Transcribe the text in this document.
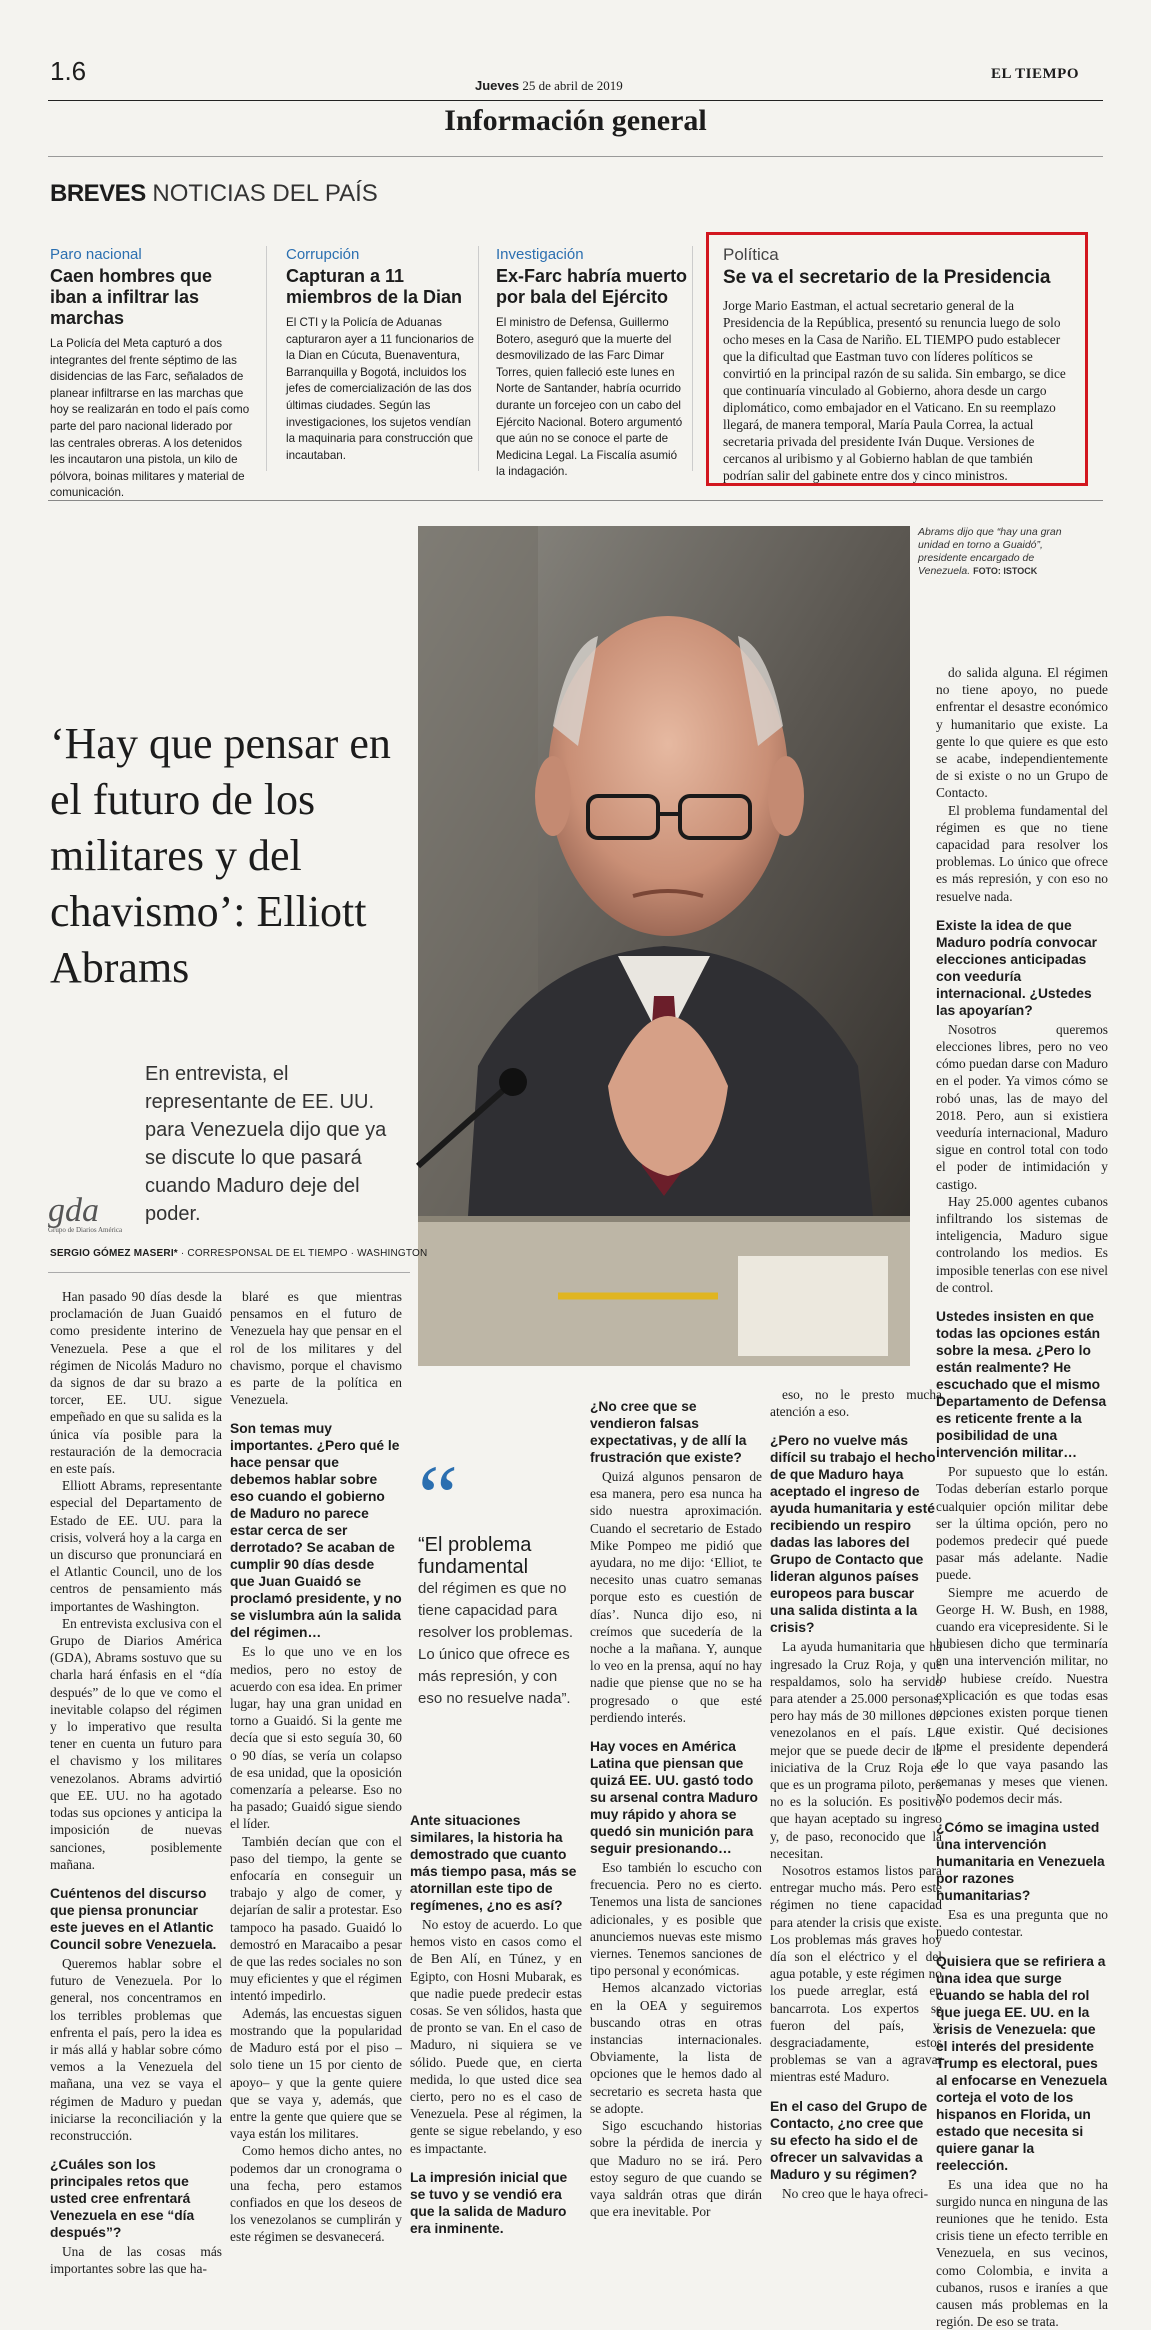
1.6	Jueves 25 de abril de 2019
EL TIEMPO
Información general
BREVES NOTICIAS DEL PAÍS
Paro nacional
Caen hombres que iban a infiltrar las marchas
La Policía del Meta capturó a dos integrantes del frente séptimo de las disidencias de las Farc, señalados de planear infiltrarse en las marchas que hoy se realizarán en todo el país como parte del paro nacional liderado por las centrales obreras. A los detenidos les incautaron una pistola, un kilo de pólvora, boinas militares y material de comunicación.
Corrupción
Capturan a 11 miembros de la Dian
El CTI y la Policía de Aduanas capturaron ayer a 11 funcionarios de la Dian en Cúcuta, Buenaventura, Barranquilla y Bogotá, incluidos los jefes de comercialización de las dos últimas ciudades. Según las investigaciones, los sujetos vendían la maquinaria para construcción que incautaban.
Investigación
Ex-Farc habría muerto por bala del Ejército
El ministro de Defensa, Guillermo Botero, aseguró que la muerte del desmovilizado de las Farc Dimar Torres, quien falleció este lunes en Norte de Santander, habría ocurrido durante un forcejeo con un cabo del Ejército Nacional. Botero argumentó que aún no se conoce el parte de Medicina Legal. La Fiscalía asumió la indagación.
Política
Se va el secretario de la Presidencia
Jorge Mario Eastman, el actual secretario general de la Presidencia de la República, presentó su renuncia luego de solo ocho meses en la Casa de Nariño. EL TIEMPO pudo establecer que la dificultad que Eastman tuvo con líderes políticos se convirtió en la principal razón de su salida. Sin embargo, se dice que continuaría vinculado al Gobierno, ahora desde un cargo diplomático, como embajador en el Vaticano. En su reemplazo llegará, de manera temporal, María Paula Correa, la actual secretaria privada del presidente Iván Duque. Versiones de cercanos al uribismo y al Gobierno hablan de que también podrían salir del gabinete entre dos y cinco ministros.
Abrams dijo que “hay una gran unidad en torno a Guaidó”, presidente encargado de Venezuela. FOTO: ISTOCK
‘Hay que pensar en el futuro de los militares y del chavismo’: Elliott Abrams
En entrevista, el representante de EE. UU. para Venezuela dijo que ya se discute lo que pasará cuando Maduro deje del poder.
gda
Grupo de Diarios América
SERGIO GÓMEZ MASERI* · CORRESPONSAL DE EL TIEMPO · WASHINGTON

Han pasado 90 días desde la proclamación de Juan Guaidó como presidente interino de Venezuela. Pese a que el régimen de Nicolás Maduro no da signos de dar su brazo a torcer, EE. UU. sigue empeñado en que su salida es la única vía posible para la restauración de la democracia en este país.

Elliott Abrams, representante especial del Departamento de Estado de EE. UU. para la crisis, volverá hoy a la carga en un discurso que pronunciará en el Atlantic Council, uno de los centros de pensamiento más importantes de Washington.

En entrevista exclusiva con el Grupo de Diarios América (GDA), Abrams sostuvo que su charla hará énfasis en el “día después” de lo que ve como el inevitable colapso del régimen y lo imperativo que resulta tener en cuenta un futuro para el chavismo y los militares venezolanos. Abrams advirtió que EE. UU. no ha agotado todas sus opciones y anticipa la imposición de nuevas sanciones, posiblemente mañana.

Cuéntenos del discurso que piensa pronunciar este jueves en el Atlantic Council sobre Venezuela.

Queremos hablar sobre el futuro de Venezuela. Por lo general, nos concentramos en los terribles problemas que enfrenta el país, pero la idea es ir más allá y hablar sobre cómo vemos a la Venezuela del mañana, una vez se vaya el régimen de Maduro y puedan iniciarse la reconciliación y la reconstrucción.

¿Cuáles son los principales retos que usted cree enfrentará Venezuela en ese “día después”?

Una de las cosas más importantes sobre las que ha-

blaré es que mientras pensamos en el futuro de Venezuela hay que pensar en el rol de los militares y del chavismo, porque el chavismo es parte de la política en Venezuela.

Son temas muy importantes. ¿Pero qué le hace pensar que debemos hablar sobre eso cuando el gobierno de Maduro no parece estar cerca de ser derrotado? Se acaban de cumplir 90 días desde que Juan Guaidó se proclamó presidente, y no se vislumbra aún la salida del régimen…

Es lo que uno ve en los medios, pero no estoy de acuerdo con esa idea. En primer lugar, hay una gran unidad en torno a Guaidó. Si la gente me decía que si esto seguía 30, 60 o 90 días, se vería un colapso de esa unidad, que la oposición comenzaría a pelearse. Eso no ha pasado; Guaidó sigue siendo el líder.

También decían que con el paso del tiempo, la gente se enfocaría en conseguir un trabajo y algo de comer, y dejarían de salir a protestar. Eso tampoco ha pasado. Guaidó lo demostró en Maracaibo a pesar de que las redes sociales no son muy eficientes y que el régimen intentó impedirlo.

Además, las encuestas siguen mostrando que la popularidad de Maduro está por el piso –solo tiene un 15 por ciento de apoyo– y que la gente quiere que se vaya y, además, que entre la gente que quiere que se vaya están los militares.

Como hemos dicho antes, no podemos dar un cronograma o una fecha, pero estamos confiados en que los deseos de los venezolanos se cumplirán y este régimen se desvanecerá.

“
“El problema fundamental
del régimen es que no tiene capacidad para resolver los problemas. Lo único que ofrece es más represión, y con eso no resuelve nada”.

Ante situaciones similares, la historia ha demostrado que cuanto más tiempo pasa, más se atornillan este tipo de regímenes, ¿no es así?

No estoy de acuerdo. Lo que hemos visto en casos como el de Ben Alí, en Túnez, y en Egipto, con Hosni Mubarak, es que nadie puede predecir estas cosas. Se ven sólidos, hasta que de pronto se van. En el caso de Maduro, ni siquiera se ve sólido. Puede que, en cierta medida, lo que usted dice sea cierto, pero no es el caso de Venezuela. Pese al régimen, la gente se sigue rebelando, y eso es impactante.

La impresión inicial que se tuvo y se vendió era que la salida de Maduro era inminente.

¿No cree que se vendieron falsas expectativas, y de allí la frustración que existe?

Quizá algunos pensaron de esa manera, pero esa nunca ha sido nuestra aproximación. Cuando el secretario de Estado Mike Pompeo me pidió que ayudara, no me dijo: ‘Elliot, te necesito unas cuatro semanas porque esto es cuestión de días’. Nunca dijo eso, ni creímos que sucedería de la noche a la mañana. Y, aunque lo veo en la prensa, aquí no hay nadie que piense que no se ha progresado o que esté perdiendo interés.

Hay voces en América Latina que piensan que quizá EE. UU. gastó todo su arsenal contra Maduro muy rápido y ahora se quedó sin munición para seguir presionando…

Eso también lo escucho con frecuencia. Pero no es cierto. Tenemos una lista de sanciones adicionales, y es posible que anunciemos nuevas este mismo viernes. Tenemos sanciones de tipo personal y económicas.

Hemos alcanzado victorias en la OEA y seguiremos buscando otras en otras instancias internacionales. Obviamente, la lista de opciones que le hemos dado al secretario es secreta hasta que se adopte.

Sigo escuchando historias sobre la pérdida de inercia y que Maduro no se irá. Pero estoy seguro de que cuando se vaya saldrán otras que dirán que era inevitable. Por

eso, no le presto mucha atención a eso.

¿Pero no vuelve más difícil su trabajo el hecho de que Maduro haya aceptado el ingreso de ayuda humanitaria y esté recibiendo un respiro dadas las labores del Grupo de Contacto que lideran algunos países europeos para buscar una salida distinta a la crisis?

La ayuda humanitaria que ha ingresado la Cruz Roja, y que respaldamos, solo ha servido para atender a 25.000 personas, pero hay más de 30 millones de venezolanos en el país. Lo mejor que se puede decir de la iniciativa de la Cruz Roja es que es un programa piloto, pero no es la solución. Es positivo que hayan aceptado su ingreso y, de paso, reconocido que la necesitan.

Nosotros estamos listos para entregar mucho más. Pero este régimen no tiene capacidad para atender la crisis que existe. Los problemas más graves hoy día son el eléctrico y el del agua potable, y este régimen no los puede arreglar, está en bancarrota. Los expertos se fueron del país, y, desgraciadamente, estos problemas se van a agravar mientras esté Maduro.

En el caso del Grupo de Contacto, ¿no cree que su efecto ha sido el de ofrecer un salvavidas a Maduro y su régimen?

No creo que le haya ofreci-

do salida alguna. El régimen no tiene apoyo, no puede enfrentar el desastre económico y humanitario que existe. La gente lo que quiere es que esto se acabe, independientemente de si existe o no un Grupo de Contacto.

El problema fundamental del régimen es que no tiene capacidad para resolver los problemas. Lo único que ofrece es más represión, y con eso no resuelve nada.

Existe la idea de que Maduro podría convocar elecciones anticipadas con veeduría internacional. ¿Ustedes las apoyarían?

Nosotros queremos elecciones libres, pero no veo cómo puedan darse con Maduro en el poder. Ya vimos cómo se robó unas, las de mayo del 2018. Pero, aun si existiera veeduría internacional, Maduro sigue en control total con todo el poder de intimidación y castigo.

Hay 25.000 agentes cubanos infiltrando los sistemas de inteligencia, Maduro sigue controlando los medios. Es imposible tenerlas con ese nivel de control.

Ustedes insisten en que todas las opciones están sobre la mesa. ¿Pero lo están realmente? He escuchado que el mismo Departamento de Defensa es reticente frente a la posibilidad de una intervención militar…

Por supuesto que lo están. Todas deberían estarlo porque cualquier opción militar debe ser la última opción, pero no podemos predecir qué puede pasar más adelante. Nadie puede.

Siempre me acuerdo de George H. W. Bush, en 1988, cuando era vicepresidente. Si le hubiesen dicho que terminaría en una intervención militar, no lo hubiese creído. Nuestra explicación es que todas esas opciones existen porque tienen que existir. Qué decisiones tome el presidente dependerá de lo que vaya pasando las semanas y meses que vienen. No podemos decir más.

¿Cómo se imagina usted una intervención humanitaria en Venezuela por razones humanitarias?

Esa es una pregunta que no puedo contestar.

Quisiera que se refiriera a una idea que surge cuando se habla del rol que juega EE. UU. en la crisis de Venezuela: que el interés del presidente Trump es electoral, pues al enfocarse en Venezuela corteja el voto de los hispanos en Florida, un estado que necesita si quiere ganar la reelección.

Es una idea que no ha surgido nunca en ninguna de las reuniones que he tenido. Esta crisis tiene un efecto terrible en Venezuela, en sus vecinos, como Colombia, e invita a cubanos, rusos e iraníes a que causen más problemas en la región. De eso se trata.
